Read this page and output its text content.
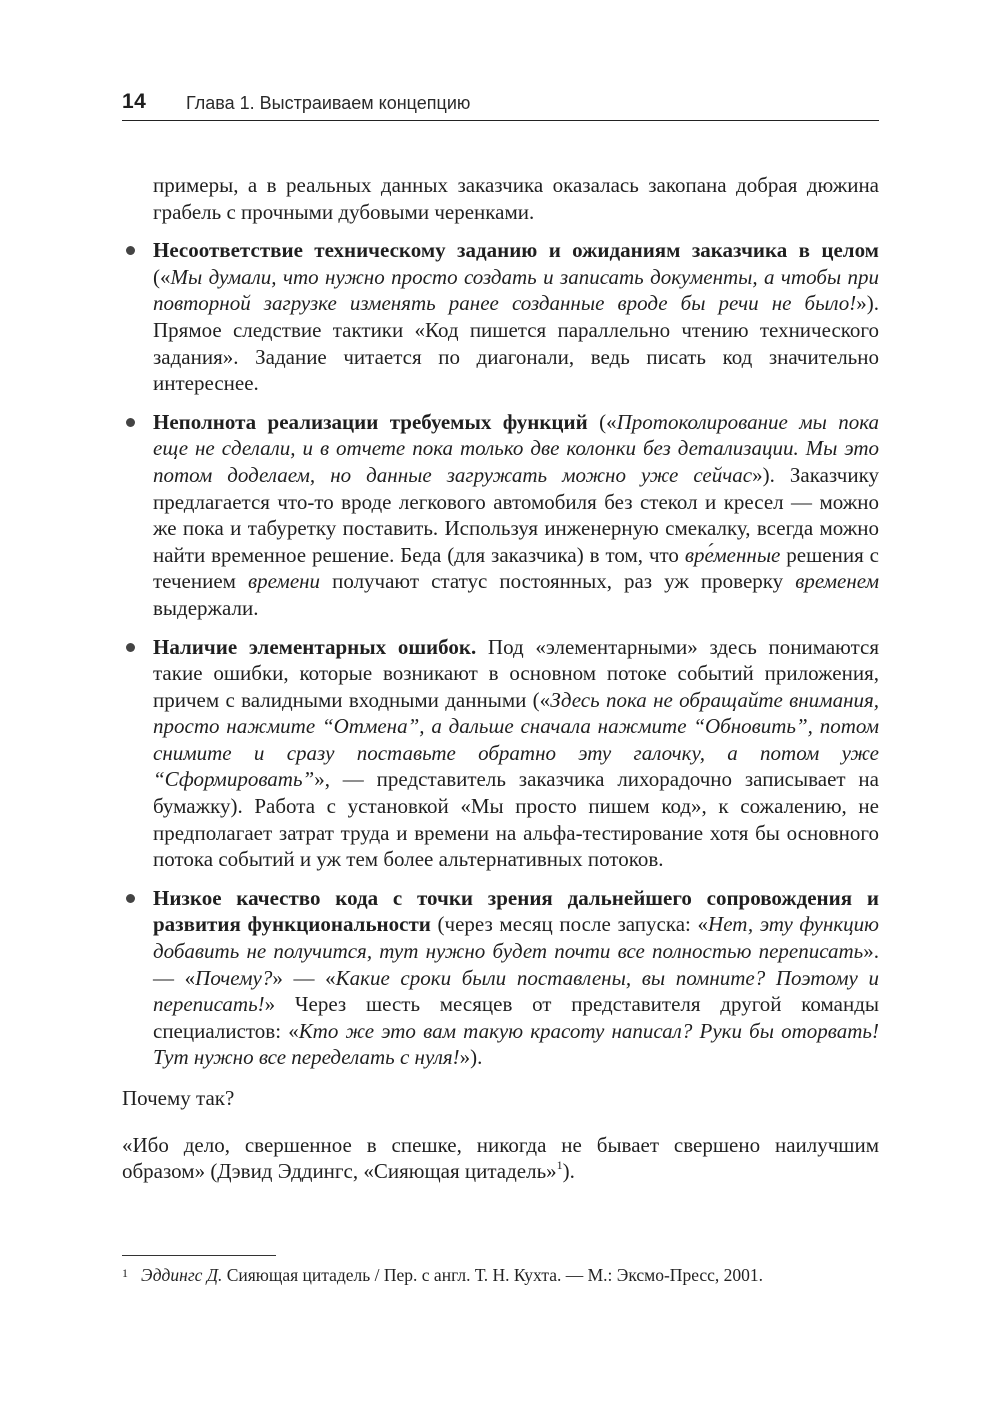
14 Глава 1. Выстраиваем концепцию

примеры, а в реальных данных заказчика оказалась закопана добрая дюжина грабель с прочными дубовыми черенками.

Несоответствие техническому заданию и ожиданиям заказчика в целом («Мы думали, что нужно просто создать и записать документы, а чтобы при повторной загрузке изменять ранее созданные вроде бы речи не было!»). Прямое следствие тактики «Код пишется параллельно чтению технического задания». Задание читается по диагонали, ведь писать код значительно интереснее.
Неполнота реализации требуемых функций («Протоколирование мы пока еще не сделали, и в отчете пока только две колонки без детализации. Мы это потом доделаем, но данные загружать можно уже сейчас»). Заказчику предлагается что-то вроде легкового автомобиля без стекол и кресел — можно же пока и табуретку поставить. Используя инженерную смекалку, всегда можно найти временное решение. Беда (для заказчика) в том, что вре́менные решения с течением времени получают статус постоянных, раз уж проверку временем выдержали.
Наличие элементарных ошибок. Под «элементарными» здесь понимаются такие ошибки, которые возникают в основном потоке событий приложения, причем с валидными входными данными («Здесь пока не обращайте внимания, просто нажмите “Отмена”, а дальше сначала нажмите “Обновить”, потом снимите и сразу поставьте обратно эту галочку, а потом уже “Сформировать”», — представитель заказчика лихорадочно записывает на бумажку). Работа с установкой «Мы просто пишем код», к сожалению, не предполагает затрат труда и времени на альфа-тестирование хотя бы основного потока событий и уж тем более альтернативных потоков.
Низкое качество кода с точки зрения дальнейшего сопровождения и развития функциональности (через месяц после запуска: «Нет, эту функцию добавить не получится, тут нужно будет почти все полностью переписать». — «Почему?» — «Какие сроки были поставлены, вы помните? Поэтому и переписать!» Через шесть месяцев от представителя другой команды специалистов: «Кто же это вам такую красоту написал? Руки бы оторвать! Тут нужно все переделать с нуля!»).

Почему так?

«Ибо дело, свершенное в спешке, никогда не бывает свершено наилучшим образом» (Дэвид Эддингс, «Сияющая цитадель»$^1$).

1 Эддингс Д. Сияющая цитадель / Пер. с англ. Т. Н. Кухта. — М.: Эксмо-Пресс, 2001.
